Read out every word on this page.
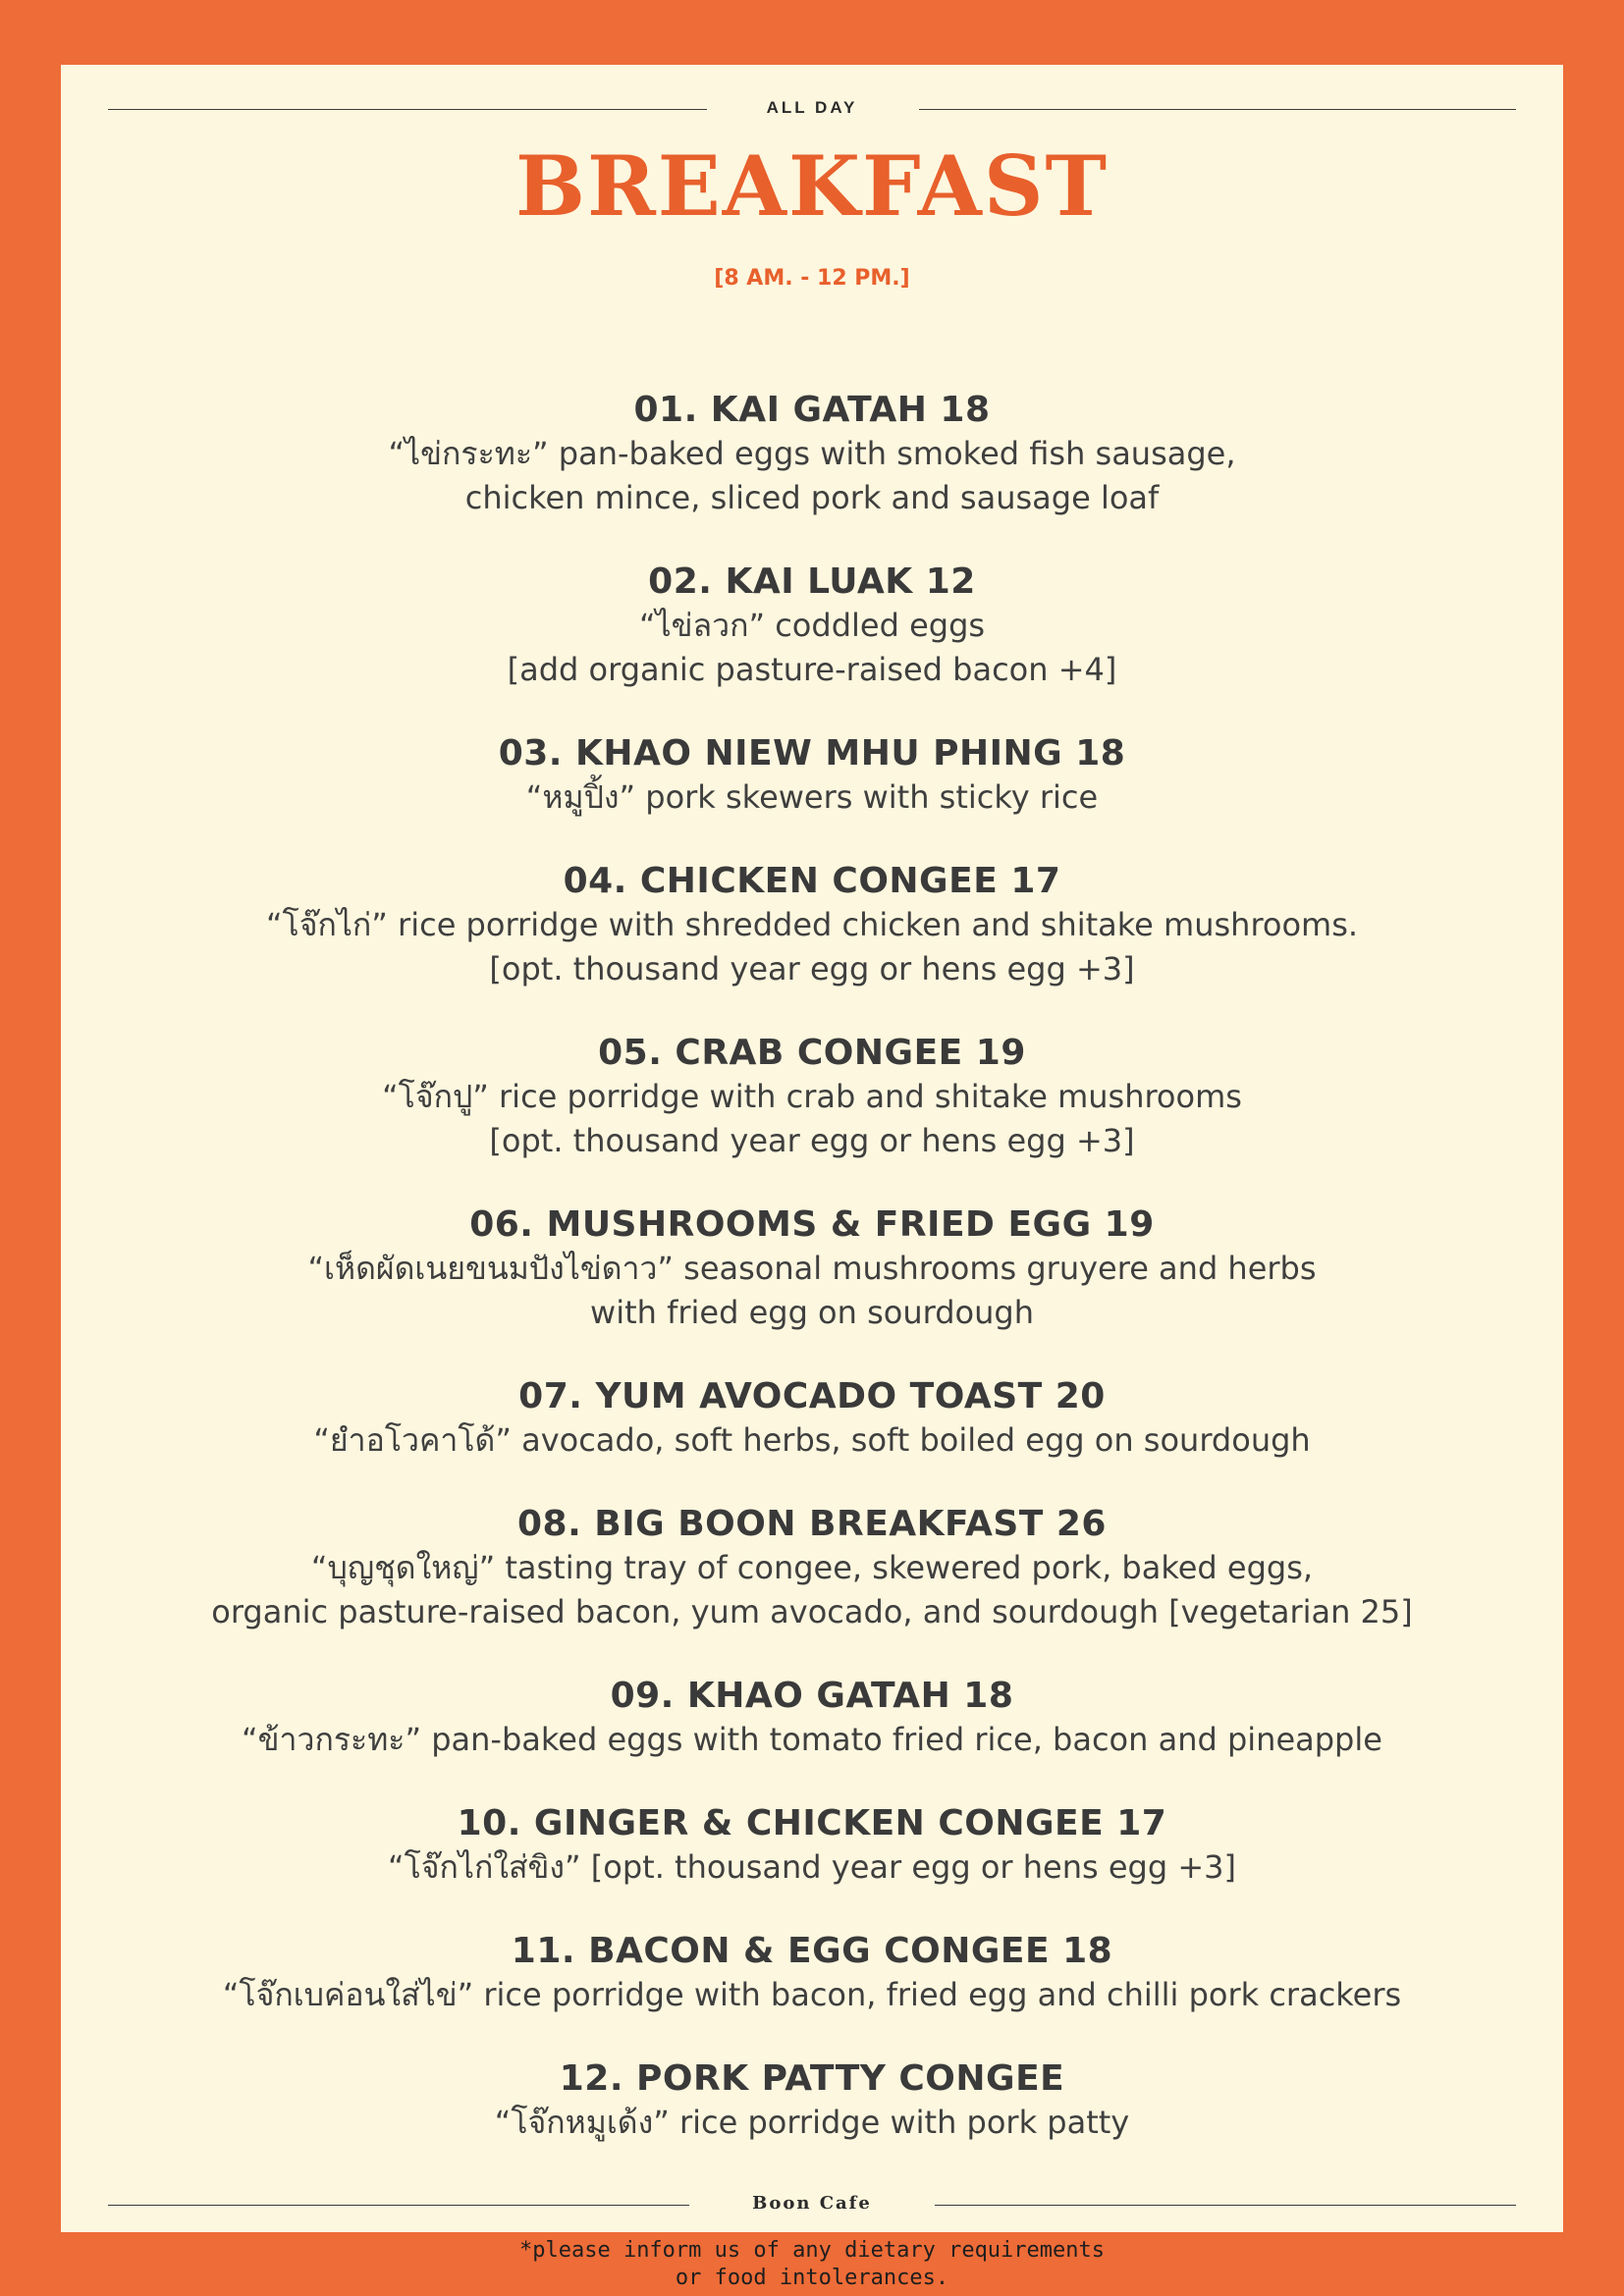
ALL DAY
BREAKFAST
[8 AM. - 12 PM.]
01. KAI GATAH 18
“ไข่กระทะ” pan-baked eggs with smoked fish sausage,
chicken mince, sliced pork and sausage loaf
02. KAI LUAK 12
“ไข่ลวก” coddled eggs
[add organic pasture-raised bacon +4]
03. KHAO NIEW MHU PHING 18
“หมูปิ้ง” pork skewers with sticky rice
04. CHICKEN CONGEE 17
“โจ๊กไก่” rice porridge with shredded chicken and shitake mushrooms.
[opt. thousand year egg or hens egg +3]
05. CRAB CONGEE 19
“โจ๊กปู” rice porridge with crab and shitake mushrooms
[opt. thousand year egg or hens egg +3]
06. MUSHROOMS & FRIED EGG 19
“เห็ดผัดเนยขนมปังไข่ดาว” seasonal mushrooms gruyere and herbs
with fried egg on sourdough
07. YUM AVOCADO TOAST 20
“ยำอโวคาโด้” avocado, soft herbs, soft boiled egg on sourdough
08. BIG BOON BREAKFAST 26
“บุญชุดใหญ่” tasting tray of congee, skewered pork, baked eggs,
organic pasture-raised bacon, yum avocado, and sourdough [vegetarian 25]
09. KHAO GATAH 18
“ข้าวกระทะ” pan-baked eggs with tomato fried rice, bacon and pineapple
10. GINGER & CHICKEN CONGEE 17
“โจ๊กไก่ใส่ขิง” [opt. thousand year egg or hens egg +3]
11. BACON & EGG CONGEE 18
“โจ๊กเบค่อนใส่ไข่” rice porridge with bacon, fried egg and chilli pork crackers
12. PORK PATTY CONGEE
“โจ๊กหมูเด้ง” rice porridge with pork patty
Boon Cafe
*please inform us of any dietary requirements
or food intolerances.
